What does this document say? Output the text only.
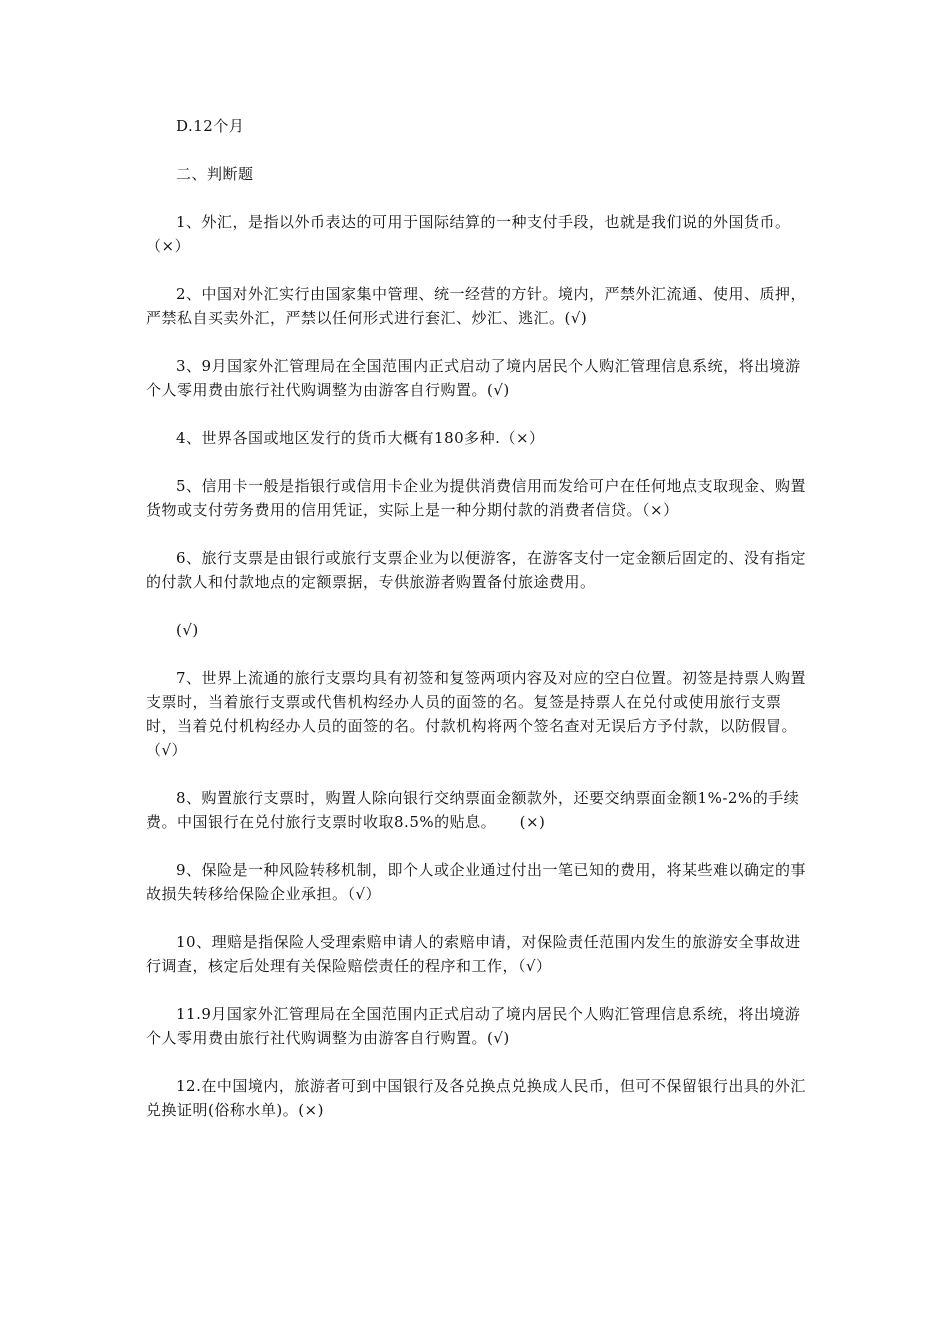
D.12个月

二、判断题

1、外汇，是指以外币表达的可用于国际结算的一种支付手段，也就是我们说的外国货币。（×）

2、中国对外汇实行由国家集中管理、统一经营的方针。境内，严禁外汇流通、使用、质押，严禁私自买卖外汇，严禁以任何形式进行套汇、炒汇、逃汇。(√)

3、9月国家外汇管理局在全国范围内正式启动了境内居民个人购汇管理信息系统，将出境游个人零用费由旅行社代购调整为由游客自行购置。(√)

4、世界各国或地区发行的货币大概有180多种.（×）

5、信用卡一般是指银行或信用卡企业为提供消费信用而发给可户在任何地点支取现金、购置货物或支付劳务费用的信用凭证，实际上是一种分期付款的消费者信贷。（×）

6、旅行支票是由银行或旅行支票企业为以便游客，在游客支付一定金额后固定的、没有指定的付款人和付款地点的定额票据，专供旅游者购置备付旅途费用。

(√)

7、世界上流通的旅行支票均具有初签和复签两项内容及对应的空白位置。初签是持票人购置支票时，当着旅行支票或代售机构经办人员的面签的名。复签是持票人在兑付或使用旅行支票时，当着兑付机构经办人员的面签的名。付款机构将两个签名查对无误后方予付款，以防假冒。（√）

8、购置旅行支票时，购置人除向银行交纳票面金额款外，还要交纳票面金额1%-2%的手续费。中国银行在兑付旅行支票时收取8.5%的贴息。　　(×)

9、保险是一种风险转移机制，即个人或企业通过付出一笔已知的费用，将某些难以确定的事故损失转移给保险企业承担。（√）

10、理赔是指保险人受理索赔申请人的索赔申请，对保险责任范围内发生的旅游安全事故进行调查，核定后处理有关保险赔偿责任的程序和工作，（√）

11.9月国家外汇管理局在全国范围内正式启动了境内居民个人购汇管理信息系统，将出境游个人零用费由旅行社代购调整为由游客自行购置。(√)

12.在中国境内，旅游者可到中国银行及各兑换点兑换成人民币，但可不保留银行出具的外汇兑换证明(俗称水单)。(×)
